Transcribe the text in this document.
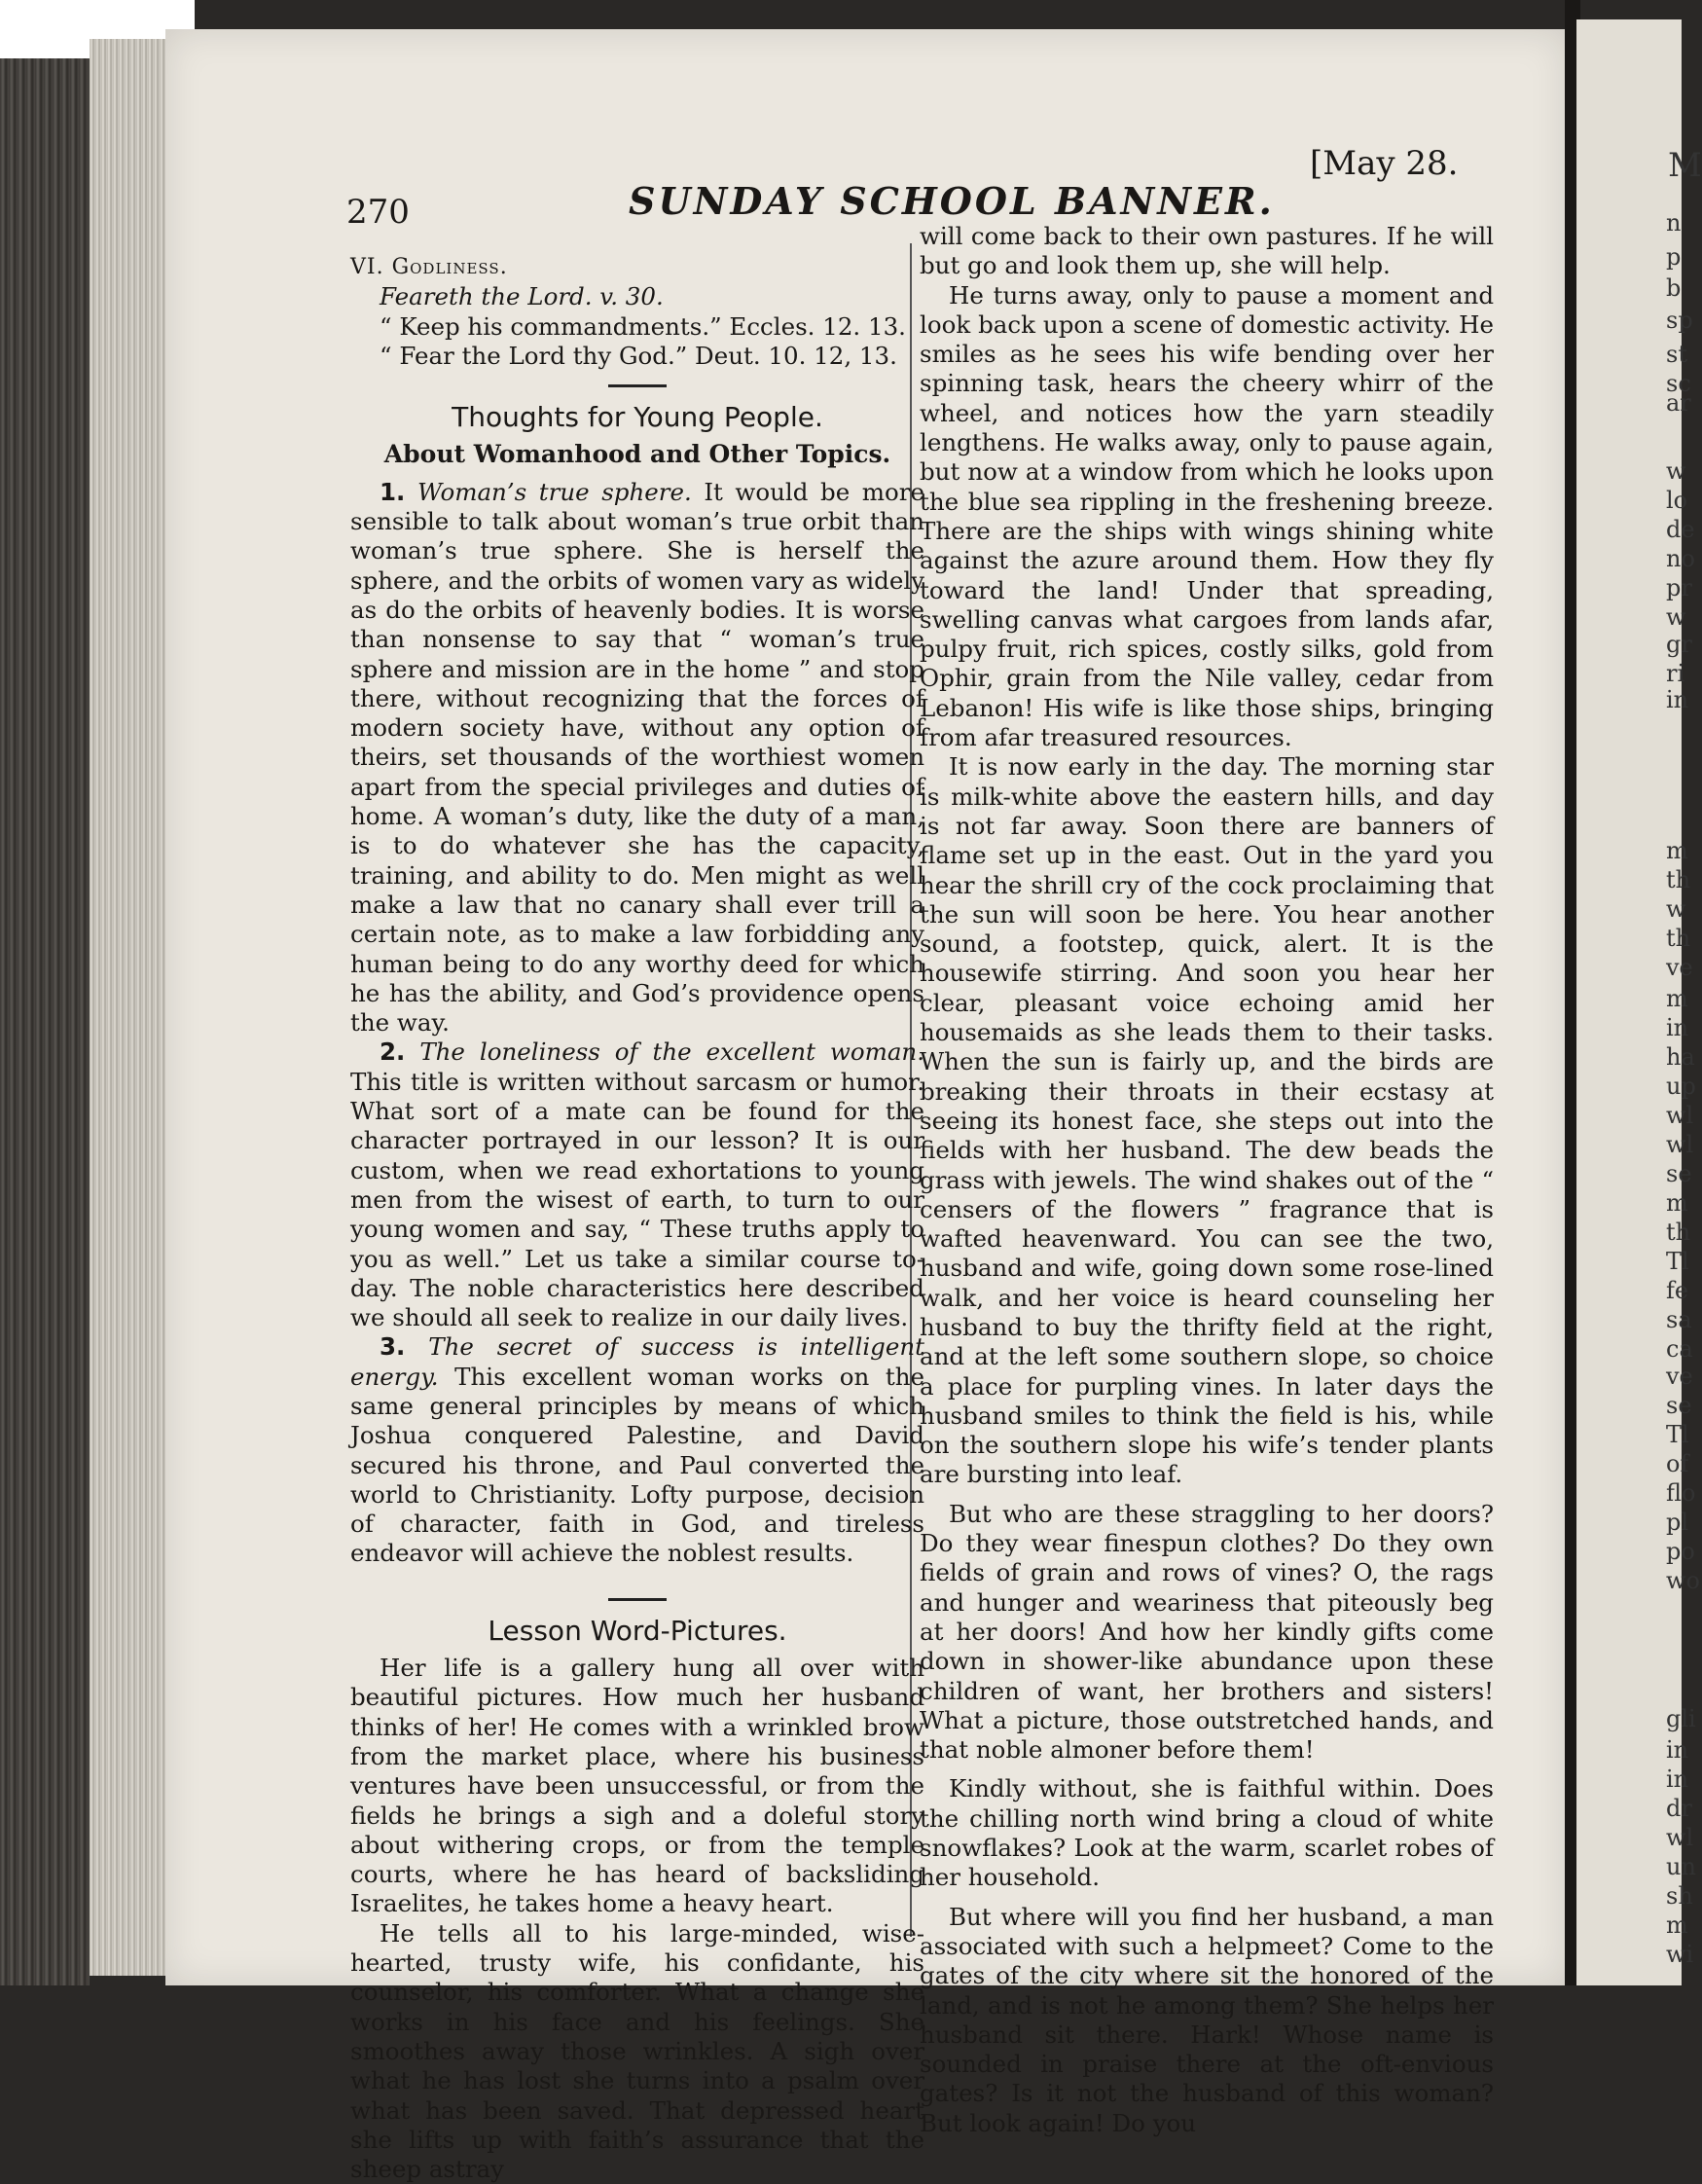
M
n
p
b
sp
st
sc
ar
w
lo
de
no
pr
w
gr
ri
in
m
th
w
th
ve
m
in
ha
up
wl
wl
se
m
th
Tl
fe
sa
ca
ve
se
Tl
of
flo
pl
po
wo
gli
in
in
dr
wl
un
sh
m
wi
270	SUNDAY SCHOOL BANNER.
[May 28.

VI. Godliness.

Feareth the Lord. v. 30.

“ Keep his commandments.” Eccles. 12. 13.

“ Fear the Lord thy God.” Deut. 10. 12, 13.

Thoughts for Young People.

About Womanhood and Other Topics.

1. Woman’s true sphere. It would be more sensible to talk about woman’s true orbit than woman’s true sphere. She is herself the sphere, and the orbits of women vary as widely as do the orbits of heavenly bodies. It is worse than nonsense to say that “ woman’s true sphere and mission are in the home ” and stop there, without recognizing that the forces of modern society have, without any option of theirs, set thousands of the worthiest women apart from the special privileges and duties of home. A woman’s duty, like the duty of a man, is to do whatever she has the capacity, training, and ability to do. Men might as well make a law that no canary shall ever trill a certain note, as to make a law forbidding any human being to do any worthy deed for which he has the ability, and God’s providence opens the way.

2. The loneliness of the excellent woman. This title is written without sarcasm or humor. What sort of a mate can be found for the character portrayed in our lesson? It is our custom, when we read exhortations to young men from the wisest of earth, to turn to our young women and say, “ These truths apply to you as well.” Let us take a similar course to-day. The noble characteristics here described we should all seek to realize in our daily lives.

3. The secret of success is intelligent energy. This excellent woman works on the same general principles by means of which Joshua conquered Palestine, and David secured his throne, and Paul converted the world to Christianity. Lofty purpose, decision of character, faith in God, and tireless endeavor will achieve the noblest results.

Lesson Word-Pictures.

Her life is a gallery hung all over with beautiful pictures. How much her husband thinks of her! He comes with a wrinkled brow from the market place, where his business ventures have been unsuccessful, or from the fields he brings a sigh and a doleful story about withering crops, or from the temple courts, where he has heard of backsliding Israelites, he takes home a heavy heart.

He tells all to his large-minded, wise-hearted, trusty wife, his confidante, his counselor, his comforter. What a change she works in his face and his feelings. She smoothes away those wrinkles. A sigh over what he has lost she turns into a psalm over what has been saved. That depressed heart she lifts up with faith’s assurance that the sheep astray

will come back to their own pastures. If he will but go and look them up, she will help.

He turns away, only to pause a moment and look back upon a scene of domestic activity. He smiles as he sees his wife bending over her spinning task, hears the cheery whirr of the wheel, and notices how the yarn steadily lengthens. He walks away, only to pause again, but now at a window from which he looks upon the blue sea rippling in the freshening breeze. There are the ships with wings shining white against the azure around them. How they fly toward the land! Under that spreading, swelling canvas what cargoes from lands afar, pulpy fruit, rich spices, costly silks, gold from Ophir, grain from the Nile valley, cedar from Lebanon! His wife is like those ships, bringing from afar treasured resources.

It is now early in the day. The morning star is milk-white above the eastern hills, and day is not far away. Soon there are banners of flame set up in the east. Out in the yard you hear the shrill cry of the cock proclaiming that the sun will soon be here. You hear another sound, a footstep, quick, alert. It is the housewife stirring. And soon you hear her clear, pleasant voice echoing amid her housemaids as she leads them to their tasks. When the sun is fairly up, and the birds are breaking their throats in their ecstasy at seeing its honest face, she steps out into the fields with her husband. The dew beads the grass with jewels. The wind shakes out of the “ censers of the flowers ” fragrance that is wafted heavenward. You can see the two, husband and wife, going down some rose-lined walk, and her voice is heard counseling her husband to buy the thrifty field at the right, and at the left some southern slope, so choice a place for purpling vines. In later days the husband smiles to think the field is his, while on the southern slope his wife’s tender plants are bursting into leaf.

But who are these straggling to her doors? Do they wear finespun clothes? Do they own fields of grain and rows of vines? O, the rags and hunger and weariness that piteously beg at her doors! And how her kindly gifts come down in shower-like abundance upon these children of want, her brothers and sisters! What a picture, those outstretched hands, and that noble almoner before them!

Kindly without, she is faithful within. Does the chilling north wind bring a cloud of white snowflakes? Look at the warm, scarlet robes of her household.

But where will you find her husband, a man associated with such a helpmeet? Come to the gates of the city where sit the honored of the land, and is not he among them? She helps her husband sit there. Hark! Whose name is sounded in praise there at the oft-envious gates? Is it not the husband of this woman? But look again! Do you
